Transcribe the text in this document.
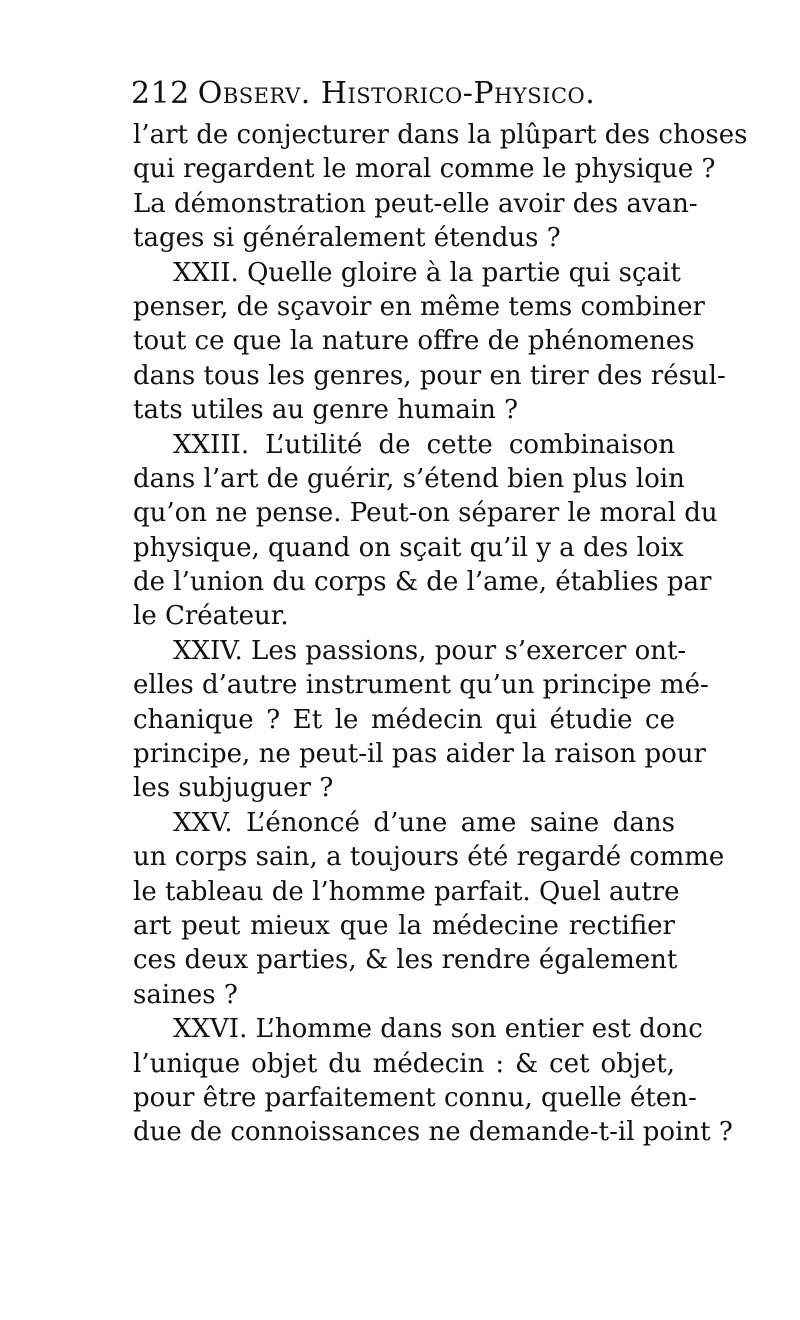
212 Observ. Historico-Physico.
l’art de conjecturer dans la plûpart des choses
qui regardent le moral comme le physique ?
La démonstration peut-elle avoir des avan-
tages si généralement étendus ?
XXII. Quelle gloire à la partie qui sçait
penser, de sçavoir en même tems combiner
tout ce que la nature offre de phénomenes
dans tous les genres, pour en tirer des résul-
tats utiles au genre humain ?
XXIII. L’utilité de cette combinaison
dans l’art de guérir, s’étend bien plus loin
qu’on ne pense. Peut-on séparer le moral du
physique, quand on sçait qu’il y a des loix
de l’union du corps & de l’ame, établies par
le Créateur.
XXIV. Les passions, pour s’exercer ont-
elles d’autre instrument qu’un principe mé-
chanique ? Et le médecin qui étudie ce
principe, ne peut-il pas aider la raison pour
les subjuguer ?
XXV. L’énoncé d’une ame saine dans
un corps sain, a toujours été regardé comme
le tableau de l’homme parfait. Quel autre
art peut mieux que la médecine rectifier
ces deux parties, & les rendre également
saines ?
XXVI. L’homme dans son entier est donc
l’unique objet du médecin : & cet objet,
pour être parfaitement connu, quelle éten-
due de connoissances ne demande-t-il point ?
